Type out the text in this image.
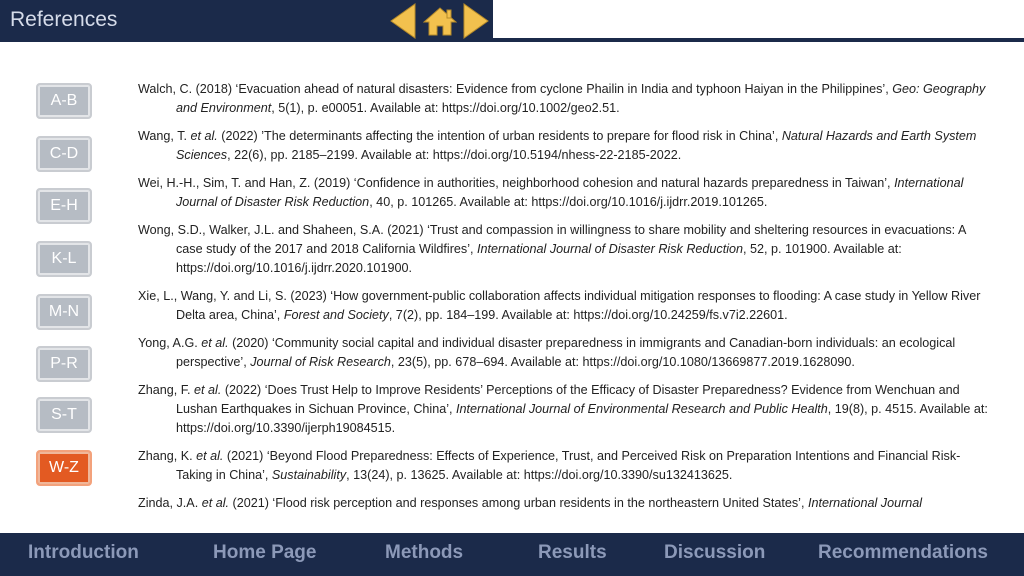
References
A-B
C-D
E-H
K-L
M-N
P-R
S-T
W-Z

Walch, C. (2018) ‘Evacuation ahead of natural disasters: Evidence from cyclone Phailin in India and typhoon Haiyan in the Philippines’, Geo: Geography and Environment, 5(1), p. e00051. Available at: https://doi.org/10.1002/geo2.51.

Wang, T. et al. (2022) ’The determinants affecting the intention of urban residents to prepare for flood risk in China’, Natural Hazards and Earth System Sciences, 22(6), pp. 2185–2199. Available at: https://doi.org/10.5194/nhess-22-2185-2022.

Wei, H.-H., Sim, T. and Han, Z. (2019) ‘Confidence in authorities, neighborhood cohesion and natural hazards preparedness in Taiwan’, International Journal of Disaster Risk Reduction, 40, p. 101265. Available at: https://doi.org/10.1016/j.ijdrr.2019.101265.

Wong, S.D., Walker, J.L. and Shaheen, S.A. (2021) ‘Trust and compassion in willingness to share mobility and sheltering resources in evacuations: A case study of the 2017 and 2018 California Wildfires’, International Journal of Disaster Risk Reduction, 52, p. 101900. Available at: https://doi.org/10.1016/j.ijdrr.2020.101900.

Xie, L., Wang, Y. and Li, S. (2023) ‘How government-public collaboration affects individual mitigation responses to flooding: A case study in Yellow River Delta area, China’, Forest and Society, 7(2), pp. 184–199. Available at: https://doi.org/10.24259/fs.v7i2.22601.

Yong, A.G. et al. (2020) ‘Community social capital and individual disaster preparedness in immigrants and Canadian-born individuals: an ecological perspective’, Journal of Risk Research, 23(5), pp. 678–694. Available at: https://doi.org/10.1080/13669877.2019.1628090.

Zhang, F. et al. (2022) ‘Does Trust Help to Improve Residents’ Perceptions of the Efficacy of Disaster Preparedness? Evidence from Wenchuan and Lushan Earthquakes in Sichuan Province, China’, International Journal of Environmental Research and Public Health, 19(8), p. 4515. Available at: https://doi.org/10.3390/ijerph19084515.

Zhang, K. et al. (2021) ‘Beyond Flood Preparedness: Effects of Experience, Trust, and Perceived Risk on Preparation Intentions and Financial Risk-Taking in China’, Sustainability, 13(24), p. 13625. Available at: https://doi.org/10.3390/su132413625.

Zinda, J.A. et al. (2021) ‘Flood risk perception and responses among urban residents in the northeastern United States’, International Journal

Introduction	Home Page	Methods	Results	Discussion	Recommendations
